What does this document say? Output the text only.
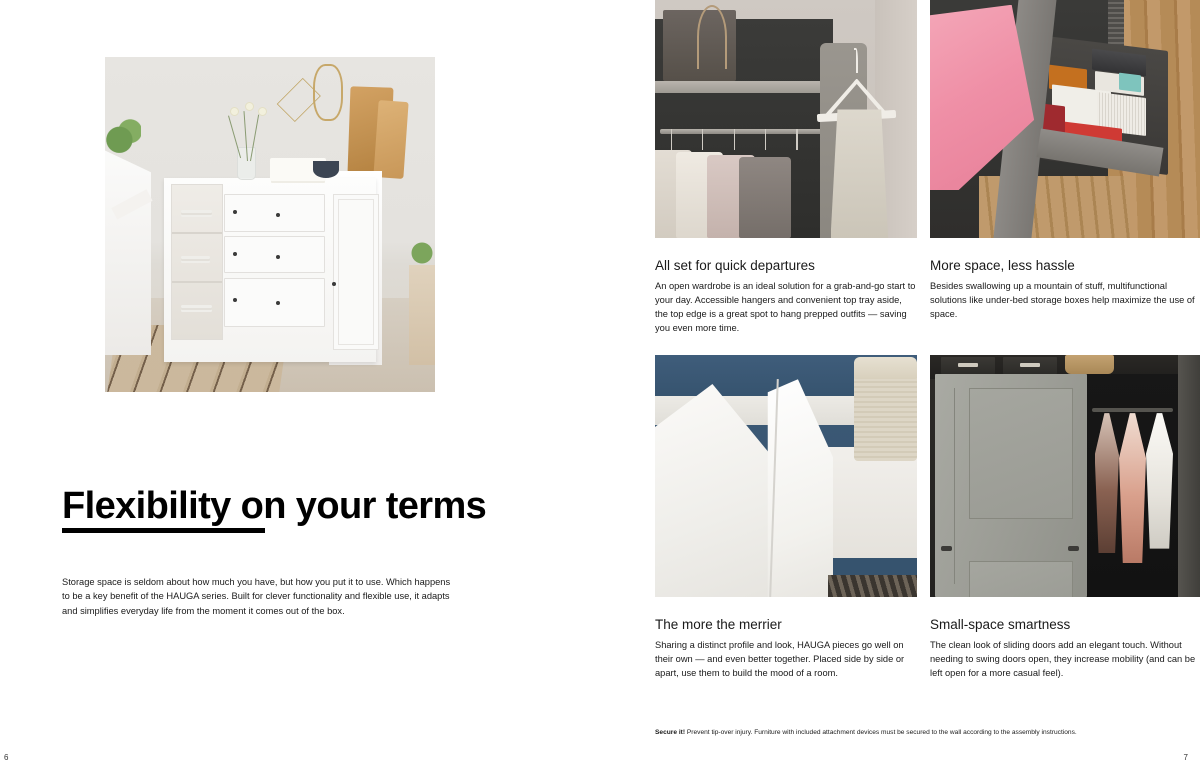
Flexibility on your terms

Storage space is seldom about how much you have, but how you put it to use. Which happens to be a key benefit of the HAUGA series. Built for clever functionality and flexible use, it adapts and simplifies everyday life from the moment it comes out of the box.

6
All set for quick departures
An open wardrobe is an ideal solution for a grab-and-go start to your day. Accessible hangers and convenient top tray aside, the top edge is a great spot to hang prepped outfits — saving you even more time.
More space, less hassle
Besides swallowing up a mountain of stuff, multifunctional solutions like under-bed storage boxes help maximize the use of space.
The more the merrier
Sharing a distinct profile and look, HAUGA pieces go well on their own — and even better together. Placed side by side or apart, use them to build the mood of a room.
Small-space smartness
The clean look of sliding doors add an elegant touch. Without needing to swing doors open, they increase mobility (and can be left open for a more casual feel).
Secure it! Prevent tip-over injury. Furniture with included attachment devices must be secured to the wall according to the assembly instructions.
7
